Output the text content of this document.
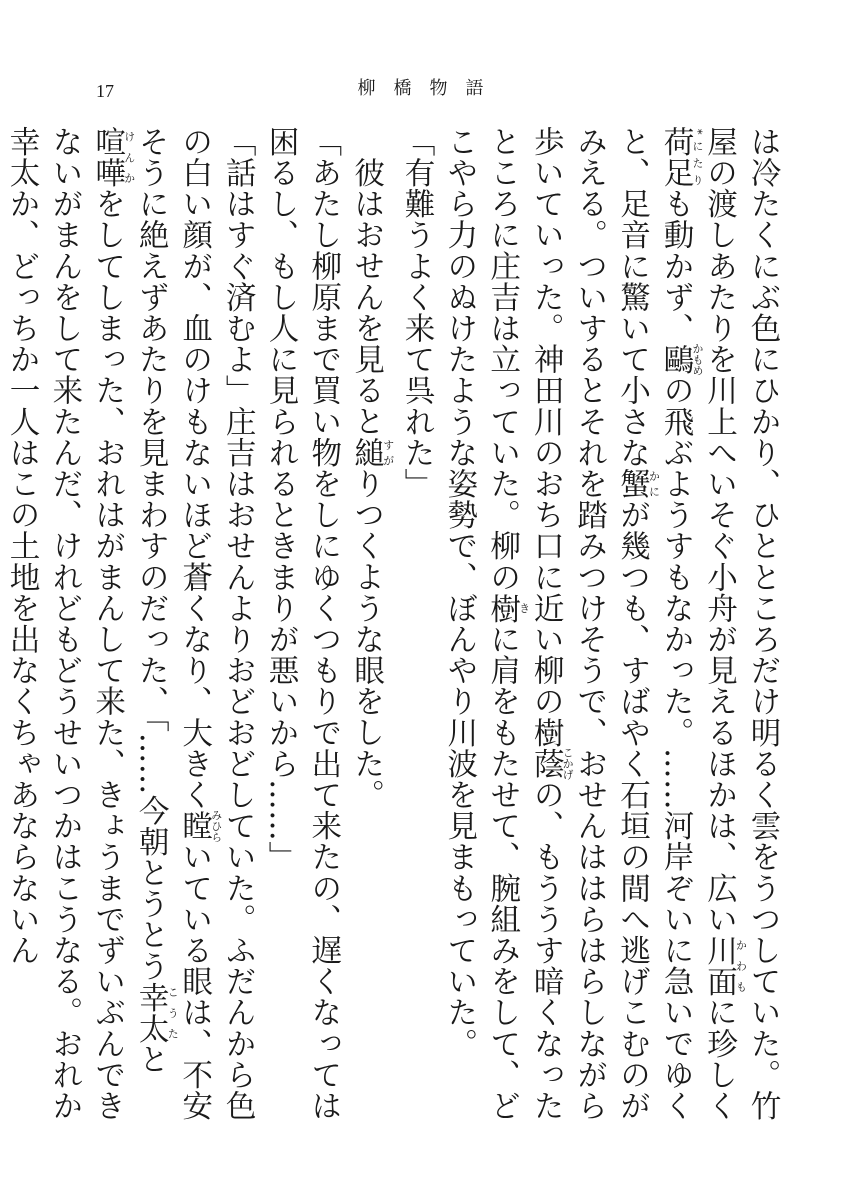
17	柳橋物語

は冷たくにぶ色にひかり、ひとところだけ明るく雲をうつしていた。竹屋の渡しあたりを川上へいそぐ小舟が見えるほかは、広い川面かわもに珍しく荷足*にたりも動かず、鷗かもめの飛ぶようすもなかった。……河岸ぞいに急いでゆくと、足音に驚いて小さな蟹かにが幾つも、すばやく石垣の間へ逃げこむのがみえる。ついするとそれを踏みつけそうで、おせんははらはらしながら歩いていった。神田川のおち口に近い柳の樹蔭こかげの、もううす暗くなったところに庄吉は立っていた。柳の樹きに肩をもたせて、腕組みをして、どこやら力のぬけたような姿勢で、ぼんやり川波を見まもっていた。

「有難うよく来て呉れた」

彼はおせんを見ると縋すがりつくような眼をした。

「あたし柳原まで買い物をしにゆくつもりで出て来たの、遅くなっては困るし、もし人に見られるときまりが悪いから……」

「話はすぐ済むよ」庄吉はおせんよりおどおどしていた。ふだんから色の白い顔が、血のけもないほど蒼くなり、大きく瞠みひらいている眼は、不安そうに絶えずあたりを見まわすのだった、「……今朝とうとう幸太こうたと喧嘩けんかをしてしまった、おれはがまんして来た、きょうまでずいぶんできないがまんをして来たんだ、けれどもどうせいつかはこうなる。おれか幸太か、どっちか一人はこの土地を出なくちゃあならないん
